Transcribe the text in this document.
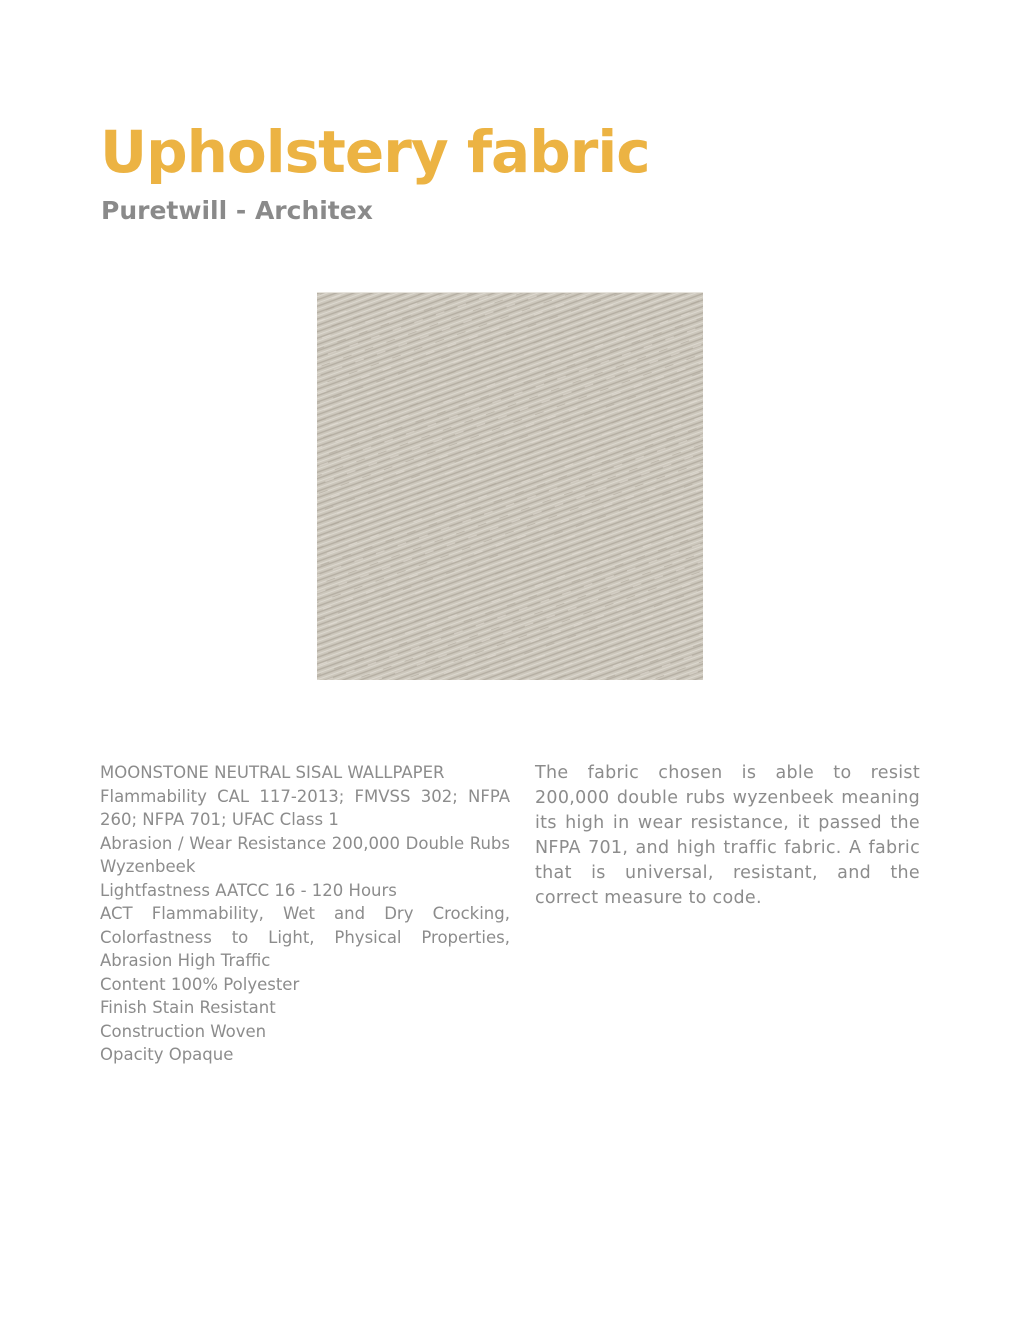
Upholstery fabric
Puretwill - Architex
MOONSTONE NEUTRAL SISAL WALLPAPER
Flammability CAL 117-2013; FMVSS 302; NFPA 260; NFPA 701; UFAC Class 1
Abrasion / Wear Resistance 200,000 Double Rubs Wyzenbeek
Lightfastness AATCC 16 - 120 Hours
ACT Flammability, Wet and Dry Crocking, Colorfastness to Light, Physical Properties, Abrasion High Traffic
Content 100% Polyester
Finish Stain Resistant
Construction Woven
Opacity Opaque

The fabric chosen is able to resist 200,000 double rubs wyzenbeek meaning its high in wear resistance, it passed the NFPA 701, and high traffic fabric. A fabric that is universal, resistant, and the correct measure to code.
